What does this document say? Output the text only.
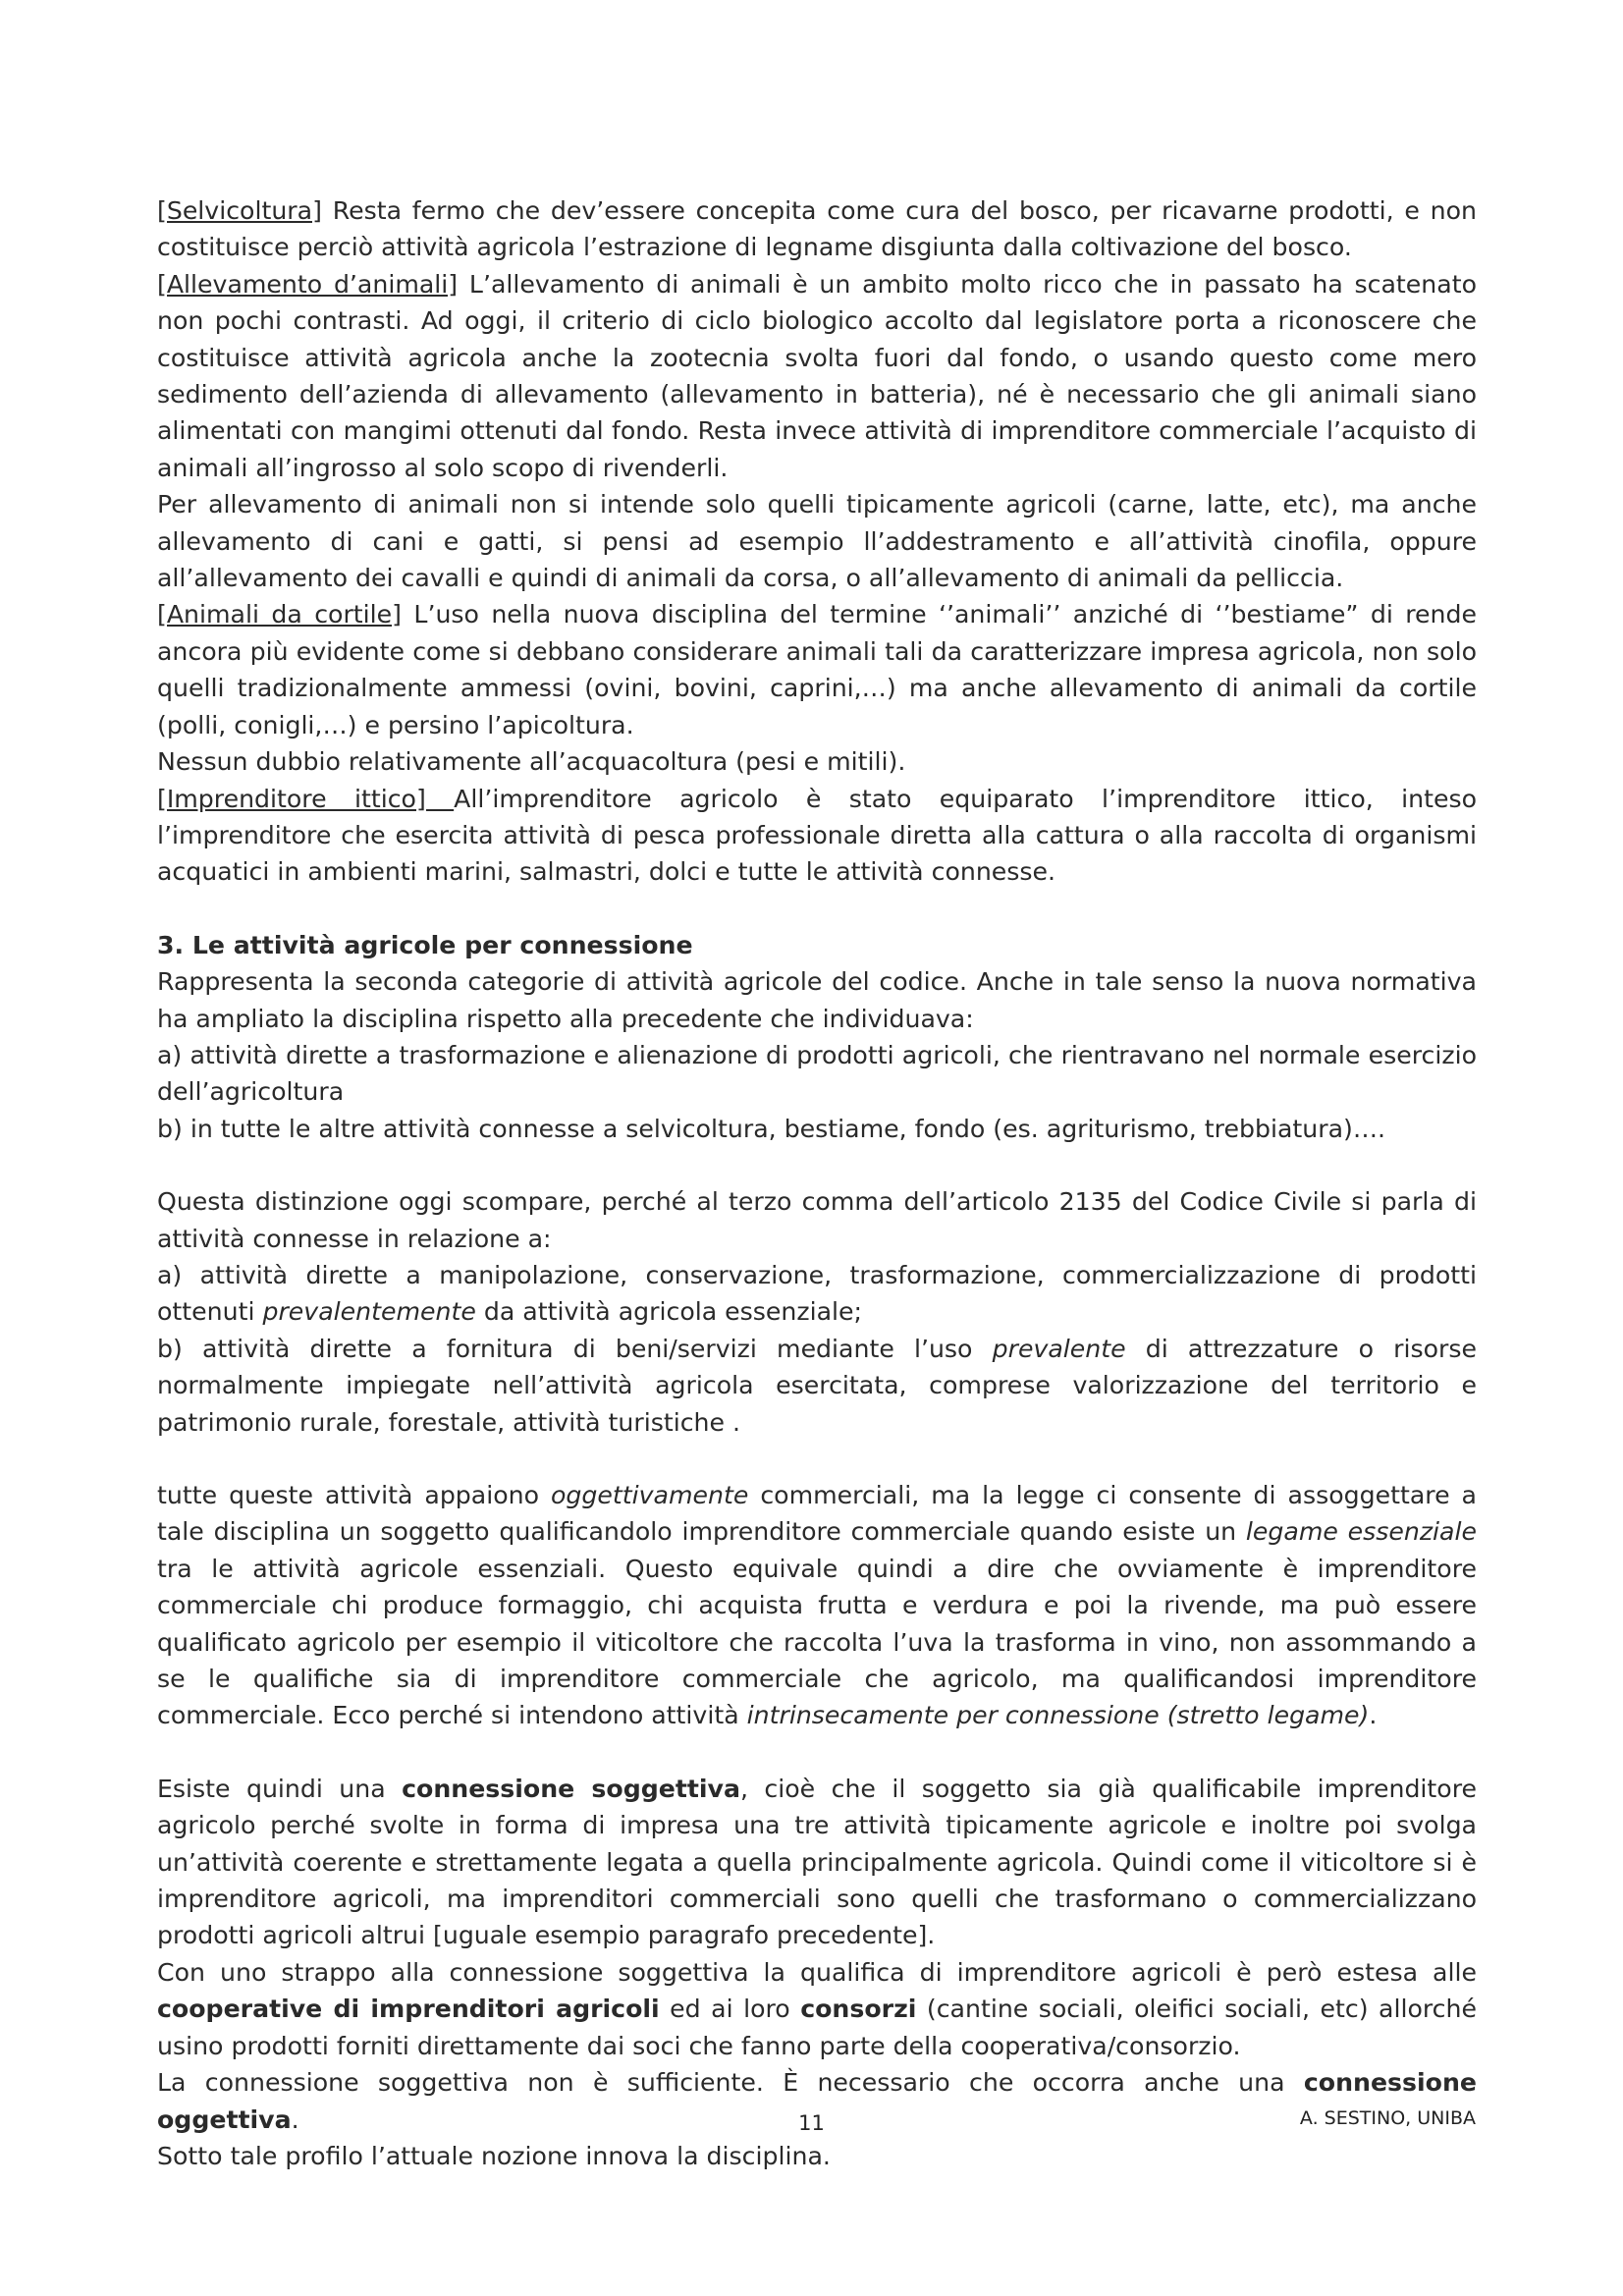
[Selvicoltura] Resta fermo che dev’essere concepita come cura del bosco, per ricavarne prodotti, e non costituisce perciò attività agricola l’estrazione di legname disgiunta dalla coltivazione del bosco.

[Allevamento d’animali] L’allevamento di animali è un ambito molto ricco che in passato ha scatenato non pochi contrasti. Ad oggi, il criterio di ciclo biologico accolto dal legislatore porta a riconoscere che costituisce attività agricola anche la zootecnia svolta fuori dal fondo, o usando questo come mero sedimento dell’azienda di allevamento (allevamento in batteria), né è necessario che gli animali siano alimentati con mangimi ottenuti dal fondo. Resta invece attività di imprenditore commerciale l’acquisto di animali all’ingrosso al solo scopo di rivenderli.

Per allevamento di animali non si intende solo quelli tipicamente agricoli (carne, latte, etc), ma anche allevamento di cani e gatti, si pensi ad esempio ll’addestramento e all’attività cinofila, oppure all’allevamento dei cavalli e quindi di animali da corsa, o all’allevamento di animali da pelliccia.

[Animali da cortile] L’uso nella nuova disciplina del termine ‘’animali’’ anziché di ‘’bestiame” di rende ancora più evidente come si debbano considerare animali tali da caratterizzare impresa agricola, non solo quelli tradizionalmente ammessi (ovini, bovini, caprini,…) ma anche allevamento di animali da cortile (polli, conigli,…) e persino l’apicoltura.

Nessun dubbio relativamente all’acquacoltura (pesi e mitili).

[Imprenditore ittico] All’imprenditore agricolo è stato equiparato l’imprenditore ittico, inteso l’imprenditore che esercita attività di pesca professionale diretta alla cattura o alla raccolta di organismi acquatici in ambienti marini, salmastri, dolci e tutte le attività connesse.

3. Le attività agricole per connessione

Rappresenta la seconda categorie di attività agricole del codice. Anche in tale senso la nuova normativa ha ampliato la disciplina rispetto alla precedente che individuava:

a) attività dirette a trasformazione e alienazione di prodotti agricoli, che rientravano nel normale esercizio dell’agricoltura

b) in tutte le altre attività connesse a selvicoltura, bestiame, fondo (es. agriturismo, trebbiatura)….

Questa distinzione oggi scompare, perché al terzo comma dell’articolo 2135 del Codice Civile si parla di attività connesse in relazione a:

a) attività dirette a manipolazione, conservazione, trasformazione, commercializzazione di prodotti ottenuti prevalentemente da attività agricola essenziale;

b) attività dirette a fornitura di beni/servizi mediante l’uso prevalente di attrezzature o risorse normalmente impiegate nell’attività agricola esercitata, comprese valorizzazione del territorio e patrimonio rurale, forestale, attività turistiche .

tutte queste attività appaiono oggettivamente commerciali, ma la legge ci consente di assoggettare a tale disciplina un soggetto qualificandolo imprenditore commerciale quando esiste un legame essenziale tra le attività agricole essenziali. Questo equivale quindi a dire che ovviamente è imprenditore commerciale chi produce formaggio, chi acquista frutta e verdura e poi la rivende, ma può essere qualificato agricolo per esempio il viticoltore che raccolta l’uva la trasforma in vino, non assommando a se le qualifiche sia di imprenditore commerciale che agricolo, ma qualificandosi imprenditore commerciale. Ecco perché si intendono attività intrinsecamente per connessione (stretto legame).

Esiste quindi una connessione soggettiva, cioè che il soggetto sia già qualificabile imprenditore agricolo perché svolte in forma di impresa una tre attività tipicamente agricole e inoltre poi svolga un’attività coerente e strettamente legata a quella principalmente agricola. Quindi come il viticoltore si è imprenditore agricoli, ma imprenditori commerciali sono quelli che trasformano o commercializzano prodotti agricoli altrui [uguale esempio paragrafo precedente].

Con uno strappo alla connessione soggettiva la qualifica di imprenditore agricoli è però estesa alle cooperative di imprenditori agricoli ed ai loro consorzi (cantine sociali, oleifici sociali, etc) allorché usino prodotti forniti direttamente dai soci che fanno parte della cooperativa/consorzio.

La connessione soggettiva non è sufficiente. È necessario che occorra anche una connessione oggettiva.

Sotto tale profilo l’attuale nozione innova la disciplina.

11	A. SESTINO, UNIBA
